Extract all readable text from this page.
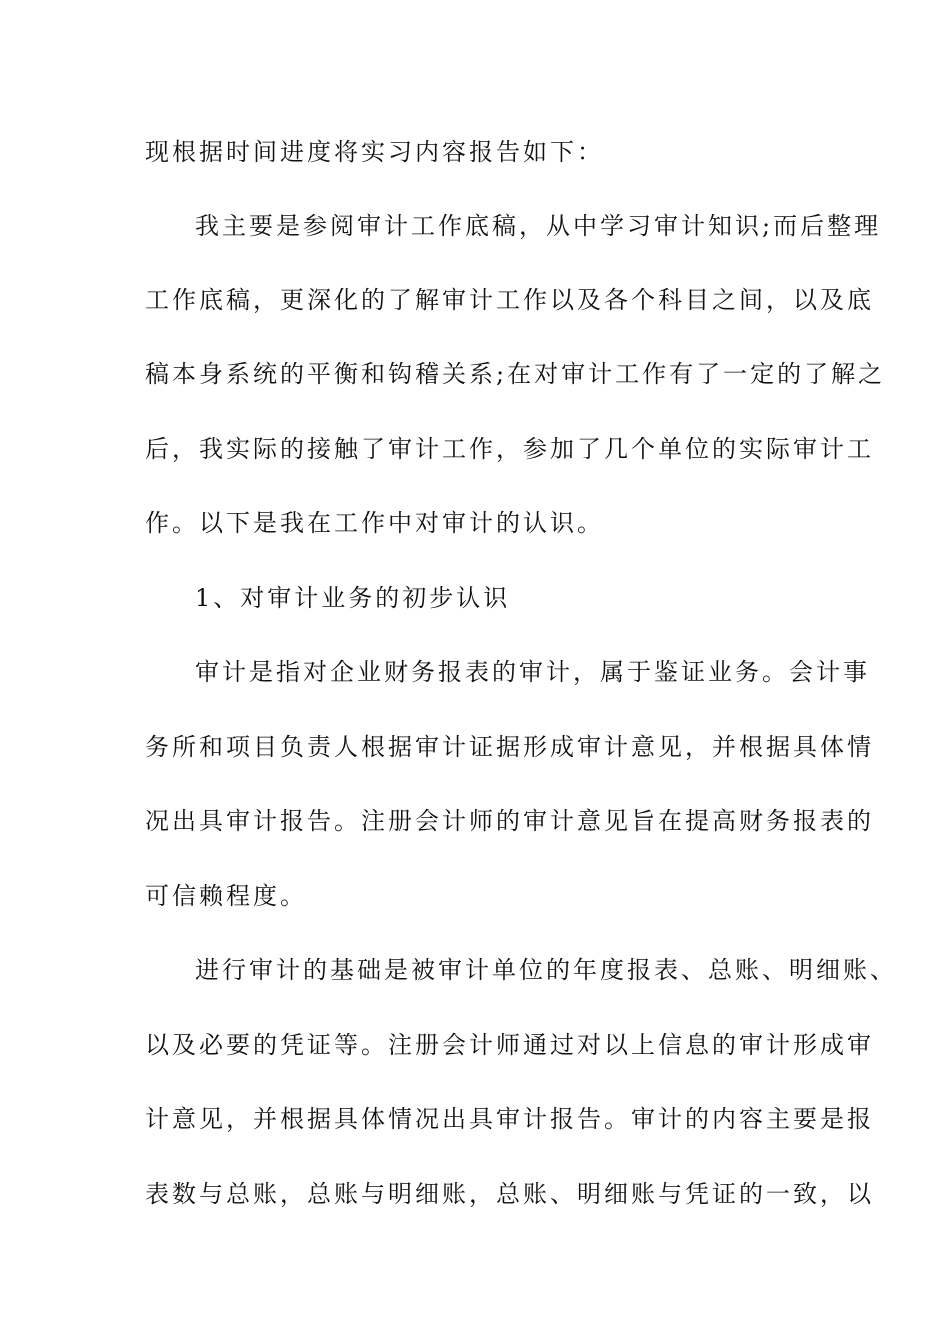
现根据时间进度将实习内容报告如下：
我主要是参阅审计工作底稿，从中学习审计知识;而后整理
工作底稿，更深化的了解审计工作以及各个科目之间，以及底
稿本身系统的平衡和钩稽关系;在对审计工作有了一定的了解之
后，我实际的接触了审计工作，参加了几个单位的实际审计工
作。以下是我在工作中对审计的认识。
1、对审计业务的初步认识
审计是指对企业财务报表的审计，属于鉴证业务。会计事
务所和项目负责人根据审计证据形成审计意见，并根据具体情
况出具审计报告。注册会计师的审计意见旨在提高财务报表的
可信赖程度。
进行审计的基础是被审计单位的年度报表、总账、明细账、
以及必要的凭证等。注册会计师通过对以上信息的审计形成审
计意见，并根据具体情况出具审计报告。审计的内容主要是报
表数与总账，总账与明细账，总账、明细账与凭证的一致，以
